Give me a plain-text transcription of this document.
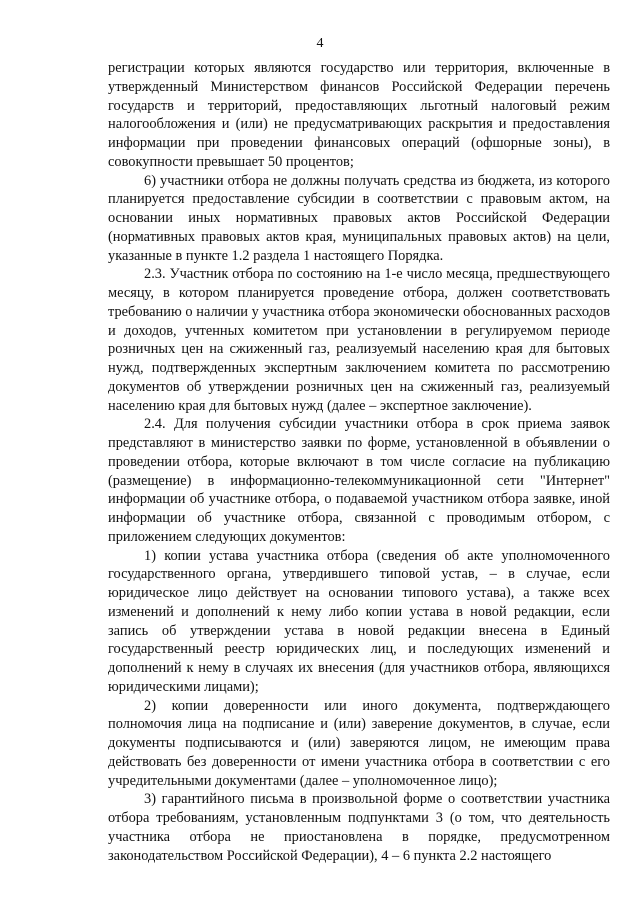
4

регистрации которых являются государство или территория, включенные в утвержденный Министерством финансов Российской Федерации перечень государств и территорий, предоставляющих льготный налоговый режим налогообложения и (или) не предусматривающих раскрытия и предоставления информации при проведении финансовых операций (офшорные зоны), в совокупности превышает 50 процентов;

6) участники отбора не должны получать средства из бюджета, из которого планируется предоставление субсидии в соответствии с правовым актом, на основании иных нормативных правовых актов Российской Федерации (нормативных правовых актов края, муниципальных правовых актов) на цели, указанные в пункте 1.2 раздела 1 настоящего Порядка.

2.3. Участник отбора по состоянию на 1-е число месяца, предшествующего месяцу, в котором планируется проведение отбора, должен соответствовать требованию о наличии у участника отбора экономически обоснованных расходов и доходов, учтенных комитетом при установлении в регулируемом периоде розничных цен на сжиженный газ, реализуемый населению края для бытовых нужд, подтвержденных экспертным заключением комитета по рассмотрению документов об утверждении розничных цен на сжиженный газ, реализуемый населению края для бытовых нужд (далее – экспертное заключение).

2.4. Для получения субсидии участники отбора в срок приема заявок представляют в министерство заявки по форме, установленной в объявлении о проведении отбора, которые включают в том числе согласие на публикацию (размещение) в информационно-телекоммуникационной сети "Интернет" информации об участнике отбора, о подаваемой участником отбора заявке, иной информации об участнике отбора, связанной с проводимым отбором, с приложением следующих документов:

1) копии устава участника отбора (сведения об акте уполномоченного государственного органа, утвердившего типовой устав, – в случае, если юридическое лицо действует на основании типового устава), а также всех изменений и дополнений к нему либо копии устава в новой редакции, если запись об утверждении устава в новой редакции внесена в Единый государственный реестр юридических лиц, и последующих изменений и дополнений к нему в случаях их внесения (для участников отбора, являющихся юридическими лицами);

2) копии доверенности или иного документа, подтверждающего полномочия лица на подписание и (или) заверение документов, в случае, если документы подписываются и (или) заверяются лицом, не имеющим права действовать без доверенности от имени участника отбора в соответствии с его учредительными документами (далее – уполномоченное лицо);

3) гарантийного письма в произвольной форме о соответствии участника отбора требованиям, установленным подпунктами 3 (о том, что деятельность участника отбора не приостановлена в порядке, предусмотренном законодательством Российской Федерации), 4 – 6 пункта 2.2 настоящего
